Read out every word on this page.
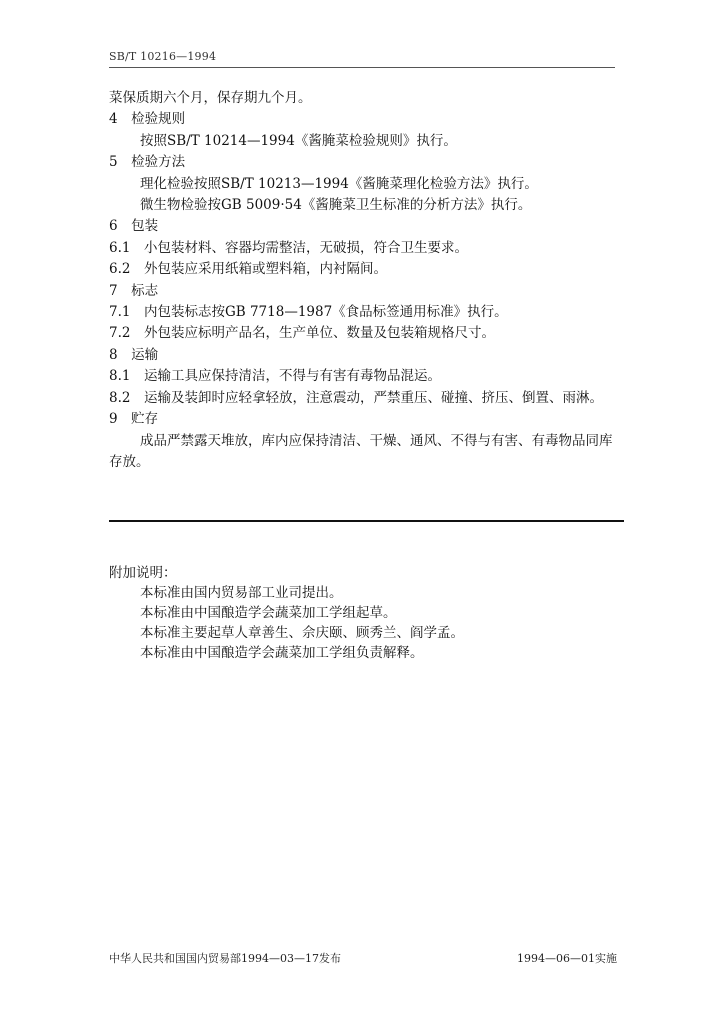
SB/T 10216—1994
菜保质期六个月，保存期九个月。
4　检验规则
按照SB/T 10214—1994《酱腌菜检验规则》执行。
5　检验方法
理化检验按照SB/T 10213—1994《酱腌菜理化检验方法》执行。
微生物检验按GB 5009·54《酱腌菜卫生标准的分析方法》执行。
6　包装
6.1　小包装材料、容器均需整洁，无破损，符合卫生要求。
6.2　外包装应采用纸箱或塑料箱，内衬隔间。
7　标志
7.1　内包装标志按GB 7718—1987《食品标签通用标准》执行。
7.2　外包装应标明产品名，生产单位、数量及包装箱规格尺寸。
8　运输
8.1　运输工具应保持清洁，不得与有害有毒物品混运。
8.2　运输及装卸时应轻拿轻放，注意震动，严禁重压、碰撞、挤压、倒置、雨淋。
9　贮存
成品严禁露天堆放，库内应保持清洁、干燥、通风、不得与有害、有毒物品同库存放。
附加说明：
本标准由国内贸易部工业司提出。
本标准由中国酿造学会蔬菜加工学组起草。
本标准主要起草人章善生、佘庆颐、顾秀兰、阎学孟。
本标准由中国酿造学会蔬菜加工学组负责解释。
中华人民共和国国内贸易部1994—03—17发布	1994—06—01实施
